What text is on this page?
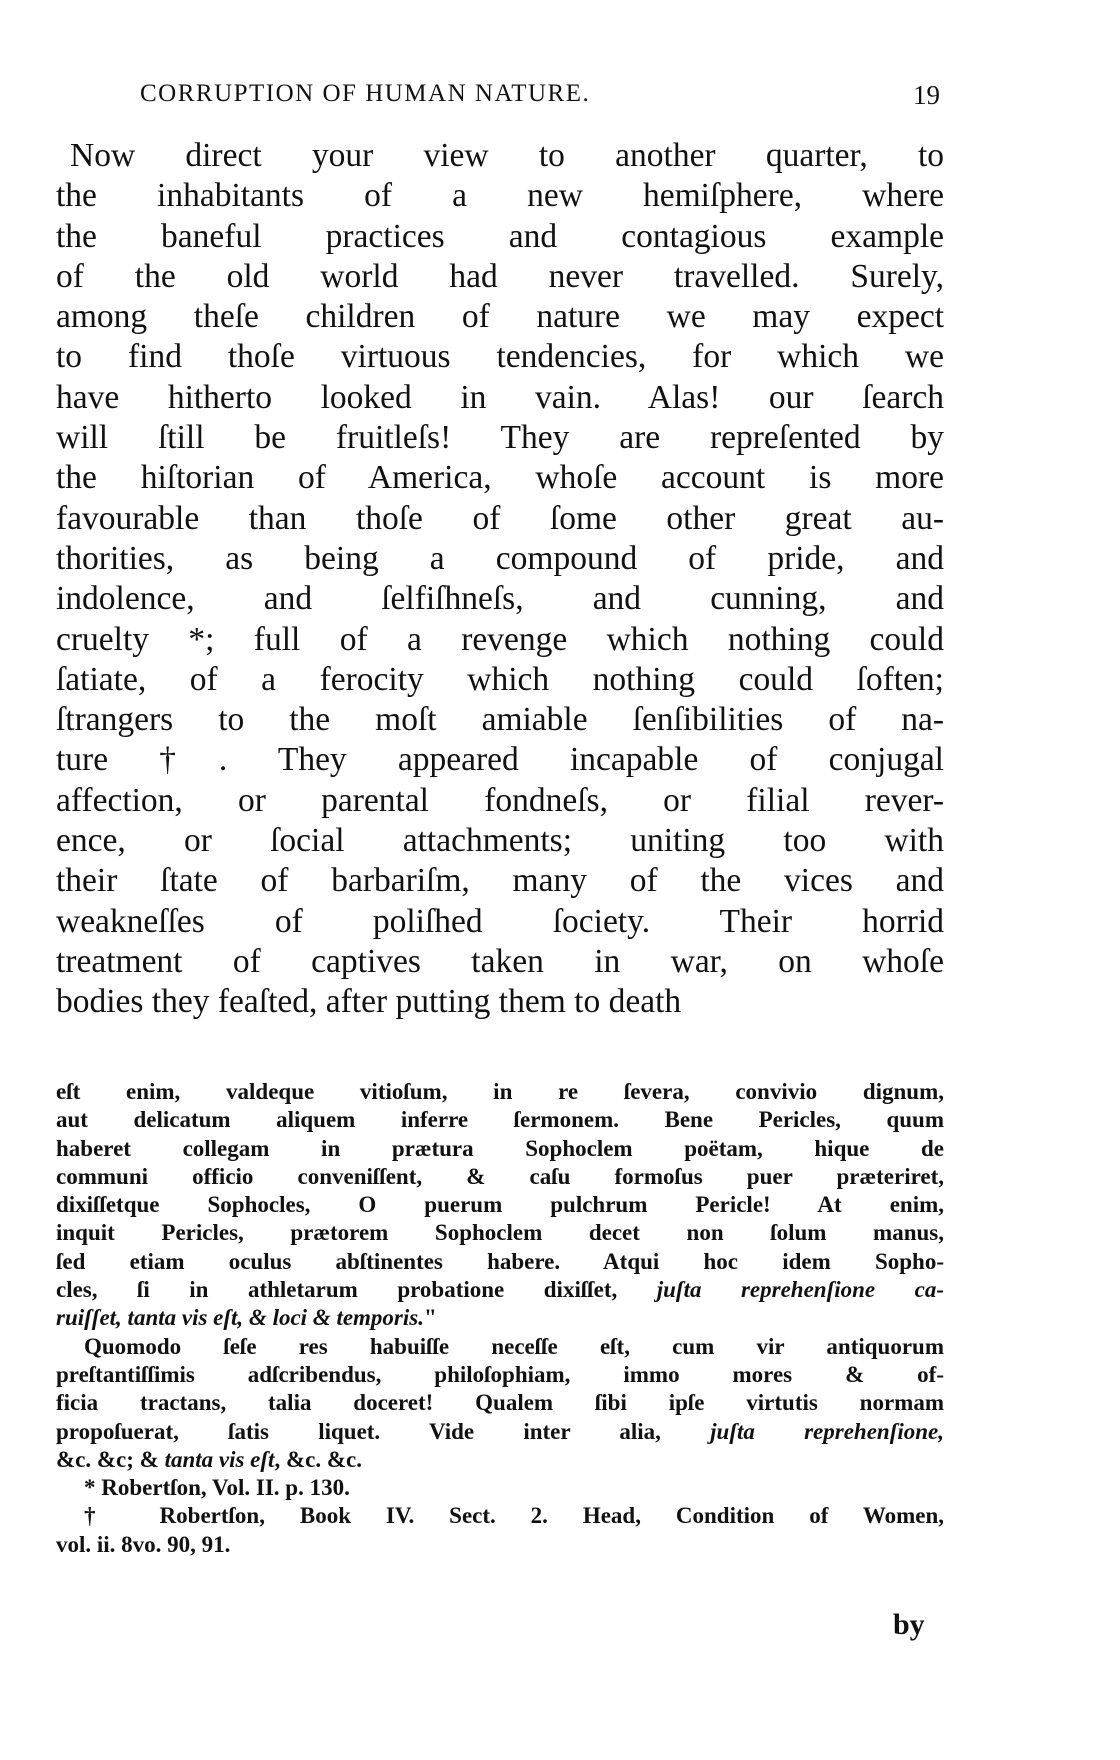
CORRUPTION OF HUMAN NATURE.	19
Now direct your view to another quarter, to
the inhabitants of a new hemiſphere, where
the baneful practices and contagious example
of the old world had never travelled. Surely,
among theſe children of nature we may expect
to find thoſe virtuous tendencies, for which we
have hitherto looked in vain. Alas! our ſearch
will ſtill be fruitleſs! They are repreſented by
the hiſtorian of America, whoſe account is more
favourable than thoſe of ſome other great au-
thorities, as being a compound of pride, and
indolence, and ſelfiſhneſs, and cunning, and
cruelty *; full of a revenge which nothing could
ſatiate, of a ferocity which nothing could ſoften;
ſtrangers to the moſt amiable ſenſibilities of na-
ture †. They appeared incapable of conjugal
affection, or parental fondneſs, or filial rever-
ence, or ſocial attachments; uniting too with
their ſtate of barbariſm, many of the vices and
weakneſſes of poliſhed ſociety. Their horrid
treatment of captives taken in war, on whoſe
bodies they feaſted, after putting them to death
eſt enim, valdeque vitioſum, in re ſevera, convivio dignum,
aut delicatum aliquem inferre ſermonem. Bene Pericles, quum
haberet collegam in prætura Sophoclem poëtam, hique de
communi officio conveniſſent, & caſu formoſus puer præteriret,
dixiſſetque Sophocles, O puerum pulchrum Pericle! At enim,
inquit Pericles, prætorem Sophoclem decet non ſolum manus,
ſed etiam oculus abſtinentes habere. Atqui hoc idem Sopho-
cles, ſi in athletarum probatione dixiſſet, juſta reprehenſione ca-
ruiſſet, tanta vis eſt, & loci & temporis."
Quomodo ſeſe res habuiſſe neceſſe eſt, cum vir antiquorum
preſtantiſſimis adſcribendus, philoſophiam, immo mores & of-
ficia tractans, talia doceret! Qualem ſibi ipſe virtutis normam
propoſuerat, ſatis liquet. Vide inter alia, juſta reprehenſione,
&c. &c; & tanta vis eſt, &c. &c.
* Robertſon, Vol. II. p. 130.
† Robertſon, Book IV. Sect. 2. Head, Condition of Women,
vol. ii. 8vo. 90, 91.
by
